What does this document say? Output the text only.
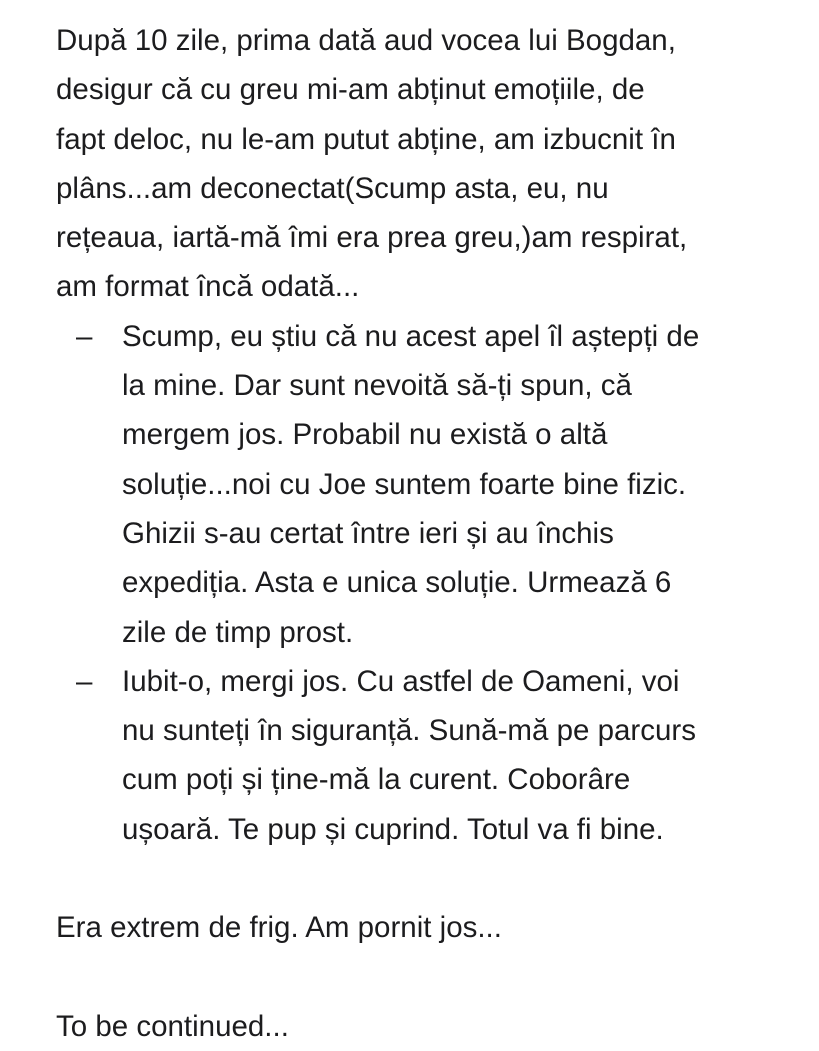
După 10 zile, prima dată aud vocea lui Bogdan,
desigur că cu greu mi-am abținut emoțiile, de
fapt deloc, nu le-am putut abține, am izbucnit în
plâns...am deconectat(Scump asta, eu, nu
rețeaua, iartă-mă îmi era prea greu,)am respirat,
am format încă odată...

– Scump, eu știu că nu acest apel îl aștepți de
la mine. Dar sunt nevoită să-ți spun, că
mergem jos. Probabil nu există o altă
soluție...noi cu Joe suntem foarte bine fizic.
Ghizii s-au certat între ieri și au închis
expediția. Asta e unica soluție. Urmează 6
zile de timp prost.
– Iubit-o, mergi jos. Cu astfel de Oameni, voi
nu sunteți în siguranță. Sună-mă pe parcurs
cum poți și ține-mă la curent. Coborâre
ușoară. Te pup și cuprind. Totul va fi bine.

Era extrem de frig. Am pornit jos...

To be continued...
